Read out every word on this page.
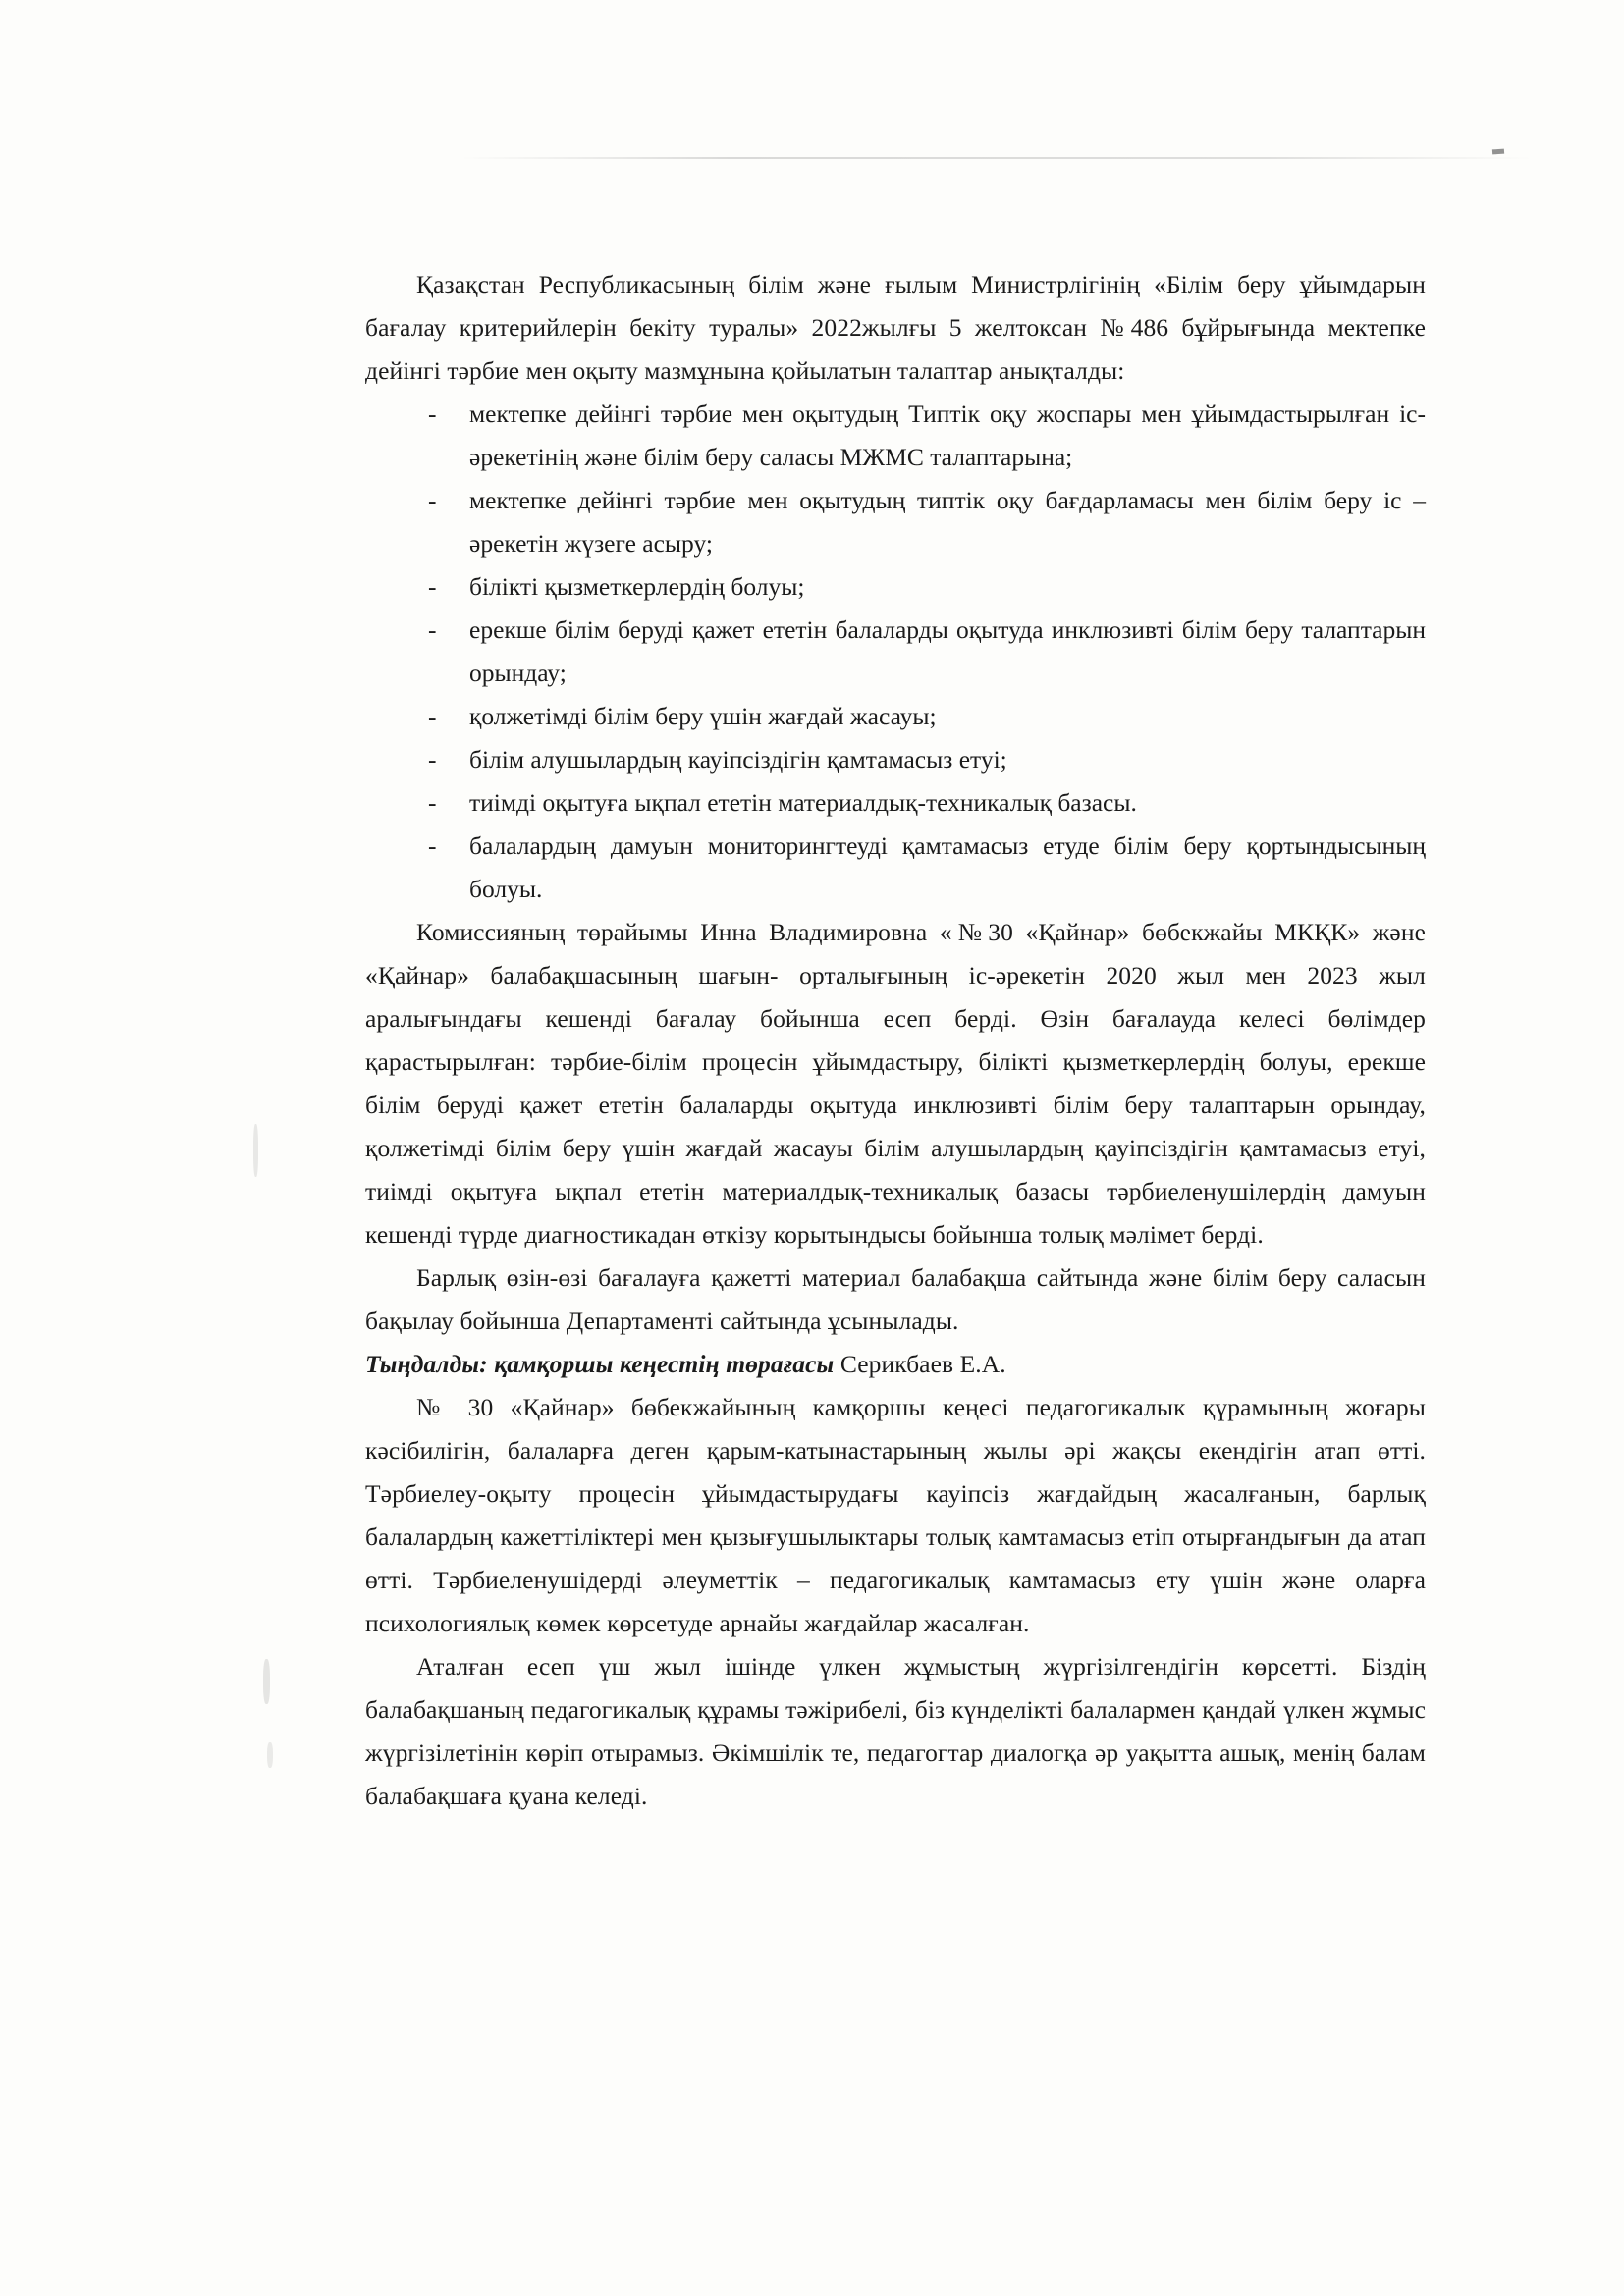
Қазақстан Республикасының білім және ғылым Министрлігінің «Білім беру ұйымдарын бағалау критерийлерін бекіту туралы» 2022жылғы 5 желтоксан №486 бұйрығында мектепке дейінгі тәрбие мен оқыту мазмұнына қойылатын талаптар анықталды:

- мектепке дейінгі тәрбие мен оқытудың Типтік оқу жоспары мен ұйымдастырылған іс-әрекетінің және білім беру саласы МЖМС талаптарына;
- мектепке дейінгі тәрбие мен оқытудың типтік оқу бағдарламасы мен білім беру іс – әрекетін жүзеге асыру;
- білікті қызметкерлердің болуы;
- ерекше білім беруді қажет ететін балаларды оқытуда инклюзивті білім беру талаптарын орындау;
- қолжетімді білім беру үшін жағдай жасауы;
- білім алушылардың кауіпсіздігін қамтамасыз етуі;
- тиімді оқытуға ықпал ететін материалдық-техникалық базасы.
- балалардың дамуын мониторингтеуді қамтамасыз етуде білім беру қортындысының болуы.

Комиссияның төрайымы Инна Владимировна «№30 «Қайнар» бөбекжайы МКҚК» және «Қайнар» балабақшасының шағын- орталығының іс-әрекетін 2020 жыл мен 2023 жыл аралығындағы кешенді бағалау бойынша есеп берді. Өзін бағалауда келесі бөлімдер қарастырылған: тәрбие-білім процесін ұйымдастыру, білікті қызметкерлердің болуы, ерекше білім беруді қажет ететін балаларды оқытуда инклюзивті білім беру талаптарын орындау, қолжетімді білім беру үшін жағдай жасауы білім алушылардың қауіпсіздігін қамтамасыз етуі, тиімді оқытуға ықпал ететін материалдық-техникалық базасы тәрбиеленушілердің дамуын кешенді түрде диагностикадан өткізу корытындысы бойынша толық мәлімет берді.

Барлық өзін-өзі бағалауға қажетті материал балабақша сайтында және білім беру саласын бақылау бойынша Департаменті сайтында ұсынылады.

Тыңдалды: қамқоршы кеңестің төрағасы Серикбаев Е.А.

№ 30 «Қайнар» бөбекжайының камқоршы кеңесі педагогикалык құрамының жоғары кәсібилігін, балаларға деген қарым-катынастарының жылы әрі жақсы екендігін атап өтті. Тәрбиелеу-оқыту процесін ұйымдастырудағы кауіпсіз жағдайдың жасалғанын, барлық балалардың кажеттіліктері мен қызығушылыктары толық камтамасыз етіп отырғандығын да атап өтті. Тәрбиеленушідерді әлеуметтік – педагогикалық камтамасыз ету үшін және оларға психологиялық көмек көрсетуде арнайы жағдайлар жасалған.

Аталған есеп үш жыл ішінде үлкен жұмыстың жүргізілгендігін көрсетті. Біздің балабақшаның педагогикалық құрамы тәжірибелі, біз күнделікті балалармен қандай үлкен жұмыс жүргізілетінін көріп отырамыз. Әкімшілік те, педагогтар диалогқа әр уақытта ашық, менің балам балабақшаға қуана келеді.
